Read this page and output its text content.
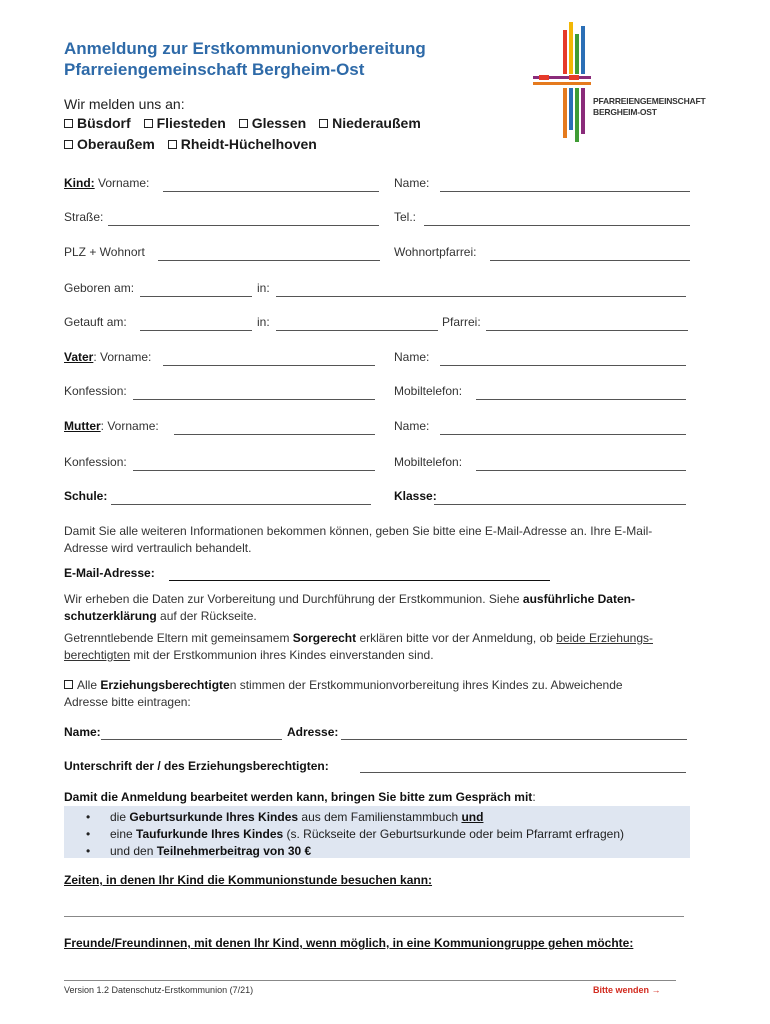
Anmeldung zur Erstkommunionvorbereitung
Pfarreiengemeinschaft Bergheim-Ost
PFARREIENGEMEINSCHAFT
BERGHEIM-OST
Wir melden uns an:
Büsdorf Fliesteden Glessen Niederaußem
Oberaußem Rheidt-Hüchelhoven
Kind: Vorname:	Name:
Straße:	Tel.:
PLZ + Wohnort	Wohnortpfarrei:
Geboren am:	in:
Getauft am:	in:	Pfarrei:
Vater: Vorname:	Name:
Konfession:	Mobiltelefon:
Mutter: Vorname:	Name:
Konfession:	Mobiltelefon:
Schule:	Klasse:
Damit Sie alle weiteren Informationen bekommen können, geben Sie bitte eine E-Mail-Adresse an. Ihre E-Mail-
Adresse wird vertraulich behandelt.
E-Mail-Adresse:
Wir erheben die Daten zur Vorbereitung und Durchführung der Erstkommunion. Siehe ausführliche Daten-
schutzerklärung auf der Rückseite.
Getrenntlebende Eltern mit gemeinsamem Sorgerecht erklären bitte vor der Anmeldung, ob beide Erziehungs-
berechtigten mit der Erstkommunion ihres Kindes einverstanden sind.
Alle Erziehungsberechtigten stimmen der Erstkommunionvorbereitung ihres Kindes zu. Abweichende
Adresse bitte eintragen:
Name:	Adresse:
Unterschrift der / des Erziehungsberechtigten:
Damit die Anmeldung bearbeitet werden kann, bringen Sie bitte zum Gespräch mit:
• die Geburtsurkunde Ihres Kindes aus dem Familienstammbuch und
• eine Taufurkunde Ihres Kindes (s. Rückseite der Geburtsurkunde oder beim Pfarramt erfragen)
• und den Teilnehmerbeitrag von 30 €
Zeiten, in denen Ihr Kind die Kommunionstunde besuchen kann:
Freunde/Freundinnen, mit denen Ihr Kind, wenn möglich, in eine Kommuniongruppe gehen möchte:
Version 1.2 Datenschutz-Erstkommunion (7/21)	Bitte wenden →
